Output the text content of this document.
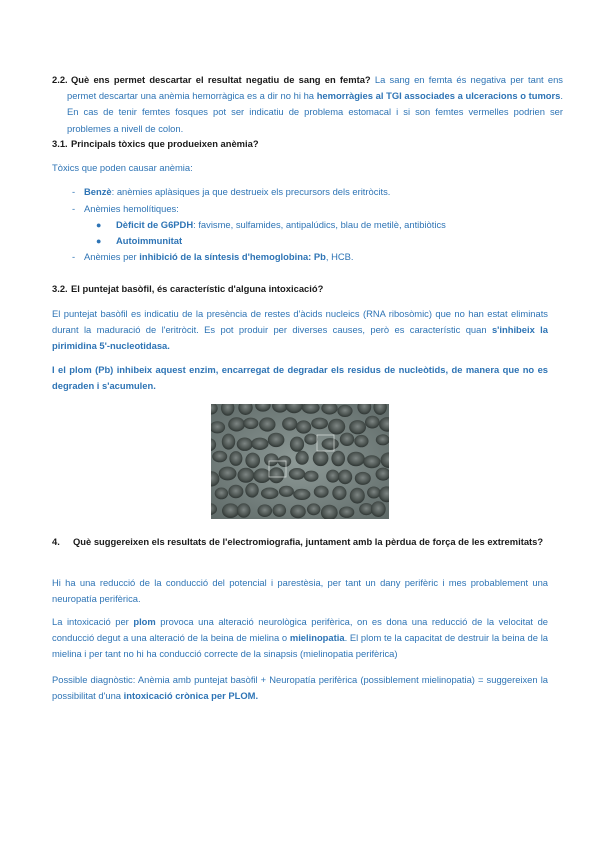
2.2. Què ens permet descartar el resultat negatiu de sang en femta? La sang en femta és negativa per tant ens permet descartar una anèmia hemorràgica es a dir no hi ha hemorràgies al TGI associades a ulceracions o tumors. En cas de tenir femtes fosques pot ser indicatiu de problema estomacal i si son femtes vermelles podrien ser problemes a nivell de colon.
3.1. Principals tòxics que produeixen anèmia?
Tòxics que poden causar anèmia:
- Benzè: anèmies aplàsiques ja que destrueix els precursors dels eritròcits.
- Anèmies hemolítiques:
● Dèficit de G6PDH: favisme, sulfamides, antipalúdics, blau de metilè, antibiòtics
● Autoimmunitat
- Anèmies per inhibició de la síntesis d'hemoglobina: Pb, HCB.
3.2. El puntejat basòfil, és característic d'alguna intoxicació?
El puntejat basòfil es indicatiu de la presència de restes d'àcids nucleics (RNA ribosòmic) que no han estat eliminats durant la maduració de l'eritròcit. Es pot produir per diverses causes, però es característic quan s'inhibeix la pirimidina 5'-nucleotidasa.
I el plom (Pb) inhibeix aquest enzim, encarregat de degradar els residus de nucleòtids, de manera que no es degraden i s'acumulen.
4. Què suggereixen els resultats de l'electromiografia, juntament amb la pèrdua de força de les extremitats?
Hi ha una reducció de la conducció del potencial i parestèsia, per tant un dany perifèric i mes probablement una neuropatía perifèrica.
La intoxicació per plom provoca una alteració neurològica perifèrica, on es dona una reducció de la velocitat de conducció degut a una alteració de la beina de mielina o mielinopatia. El plom te la capacitat de destruir la beina de la mielina i per tant no hi ha conducció correcte de la sinapsis (mielinopatia perifèrica)
Possible diagnòstic: Anèmia amb puntejat basòfil + Neuropatía perifèrica (possiblement mielinopatia) = suggereixen la possibilitat d'una intoxicació crònica per PLOM.
